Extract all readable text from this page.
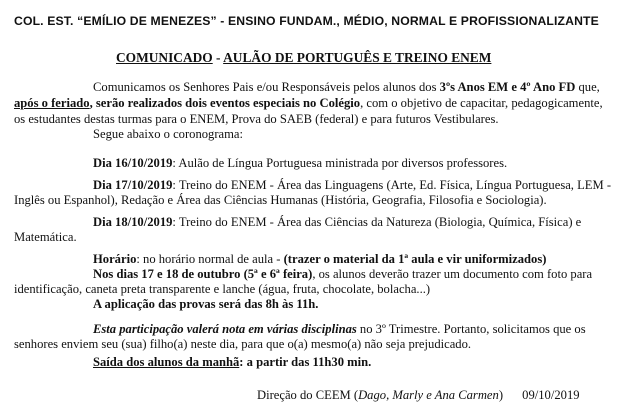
COL. EST. “EMÍLIO DE MENEZES” - ENSINO FUNDAM., MÉDIO, NORMAL E PROFISSIONALIZANTE
COMUNICADO - AULÃO DE PORTUGUÊS E TREINO ENEM
Comunicamos os Senhores Pais e/ou Responsáveis pelos alunos dos 3ºs Anos EM e 4º Ano FD que,
após o feriado, serão realizados dois eventos especiais no Colégio, com o objetivo de capacitar, pedagogicamente,
os estudantes destas turmas para o ENEM, Prova do SAEB (federal) e para futuros Vestibulares.
Segue abaixo o coronograma:
Dia 16/10/2019: Aulão de Língua Portuguesa ministrada por diversos professores.
Dia 17/10/2019: Treino do ENEM - Área das Linguagens (Arte, Ed. Física, Língua Portuguesa, LEM -
Inglês ou Espanhol), Redação e Área das Ciências Humanas (História, Geografia, Filosofia e Sociologia).
Dia 18/10/2019: Treino do ENEM - Área das Ciências da Natureza (Biologia, Química, Física) e
Matemática.
Horário: no horário normal de aula - (trazer o material da 1ª aula e vir uniformizados)
Nos dias 17 e 18 de outubro (5ª e 6ª feira), os alunos deverão trazer um documento com foto para
identificação, caneta preta transparente e lanche (água, fruta, chocolate, bolacha...)
A aplicação das provas será das 8h às 11h.
Esta participação valerá nota em várias disciplinas no 3º Trimestre. Portanto, solicitamos que os
senhores enviem seu (sua) filho(a) neste dia, para que o(a) mesmo(a) não seja prejudicado.
Saída dos alunos da manhã: a partir das 11h30 min.
Direção do CEEM (Dago, Marly e Ana Carmen) 09/10/2019
